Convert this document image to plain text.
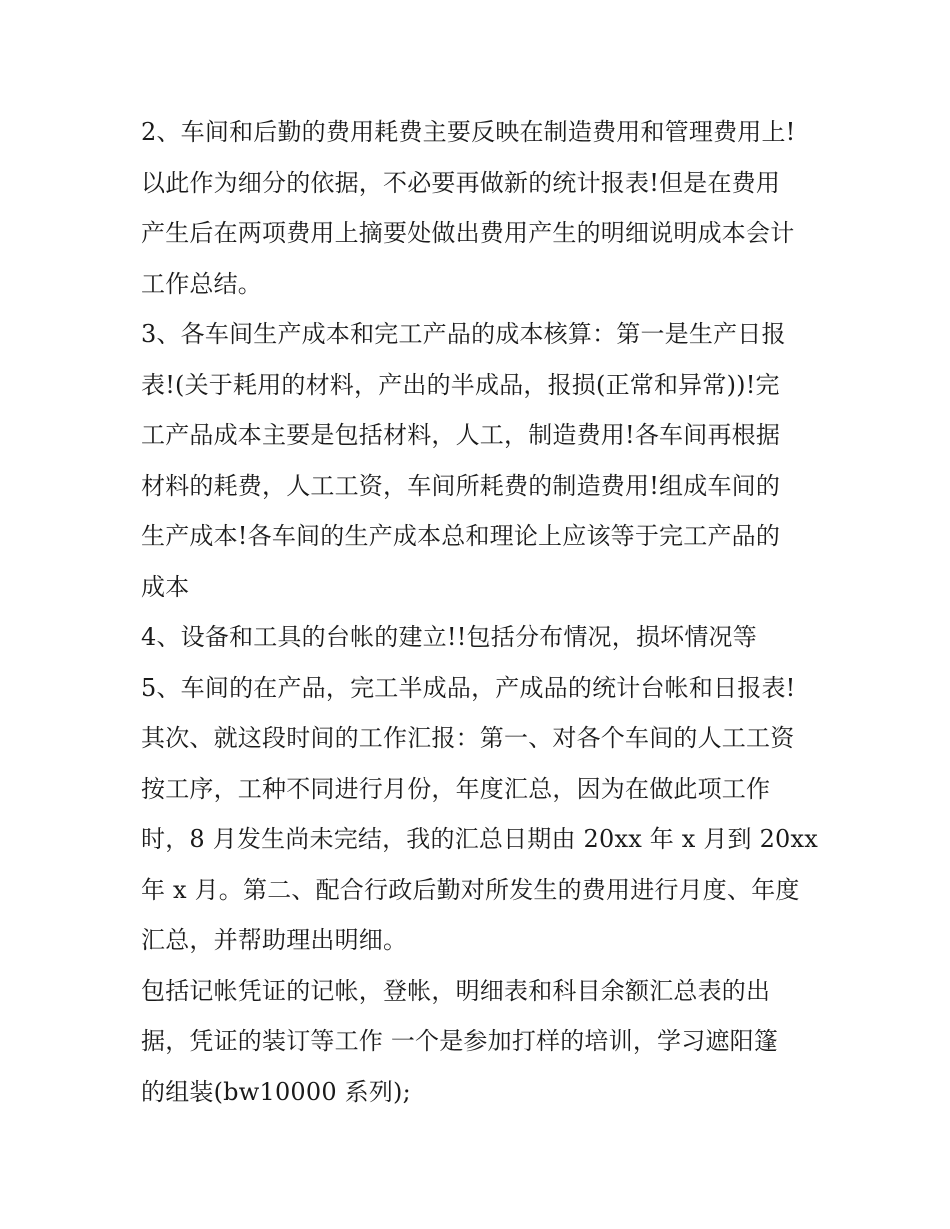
2、车间和后勤的费用耗费主要反映在制造费用和管理费用上!
以此作为细分的依据，不必要再做新的统计报表!但是在费用
产生后在两项费用上摘要处做出费用产生的明细说明成本会计
工作总结。
3、各车间生产成本和完工产品的成本核算：第一是生产日报
表!(关于耗用的材料，产出的半成品，报损(正常和异常))!完
工产品成本主要是包括材料，人工，制造费用!各车间再根据
材料的耗费，人工工资，车间所耗费的制造费用!组成车间的
生产成本!各车间的生产成本总和理论上应该等于完工产品的
成本
4、设备和工具的台帐的建立!!包括分布情况，损坏情况等
5、车间的在产品，完工半成品，产成品的统计台帐和日报表!
其次、就这段时间的工作汇报：第一、对各个车间的人工工资
按工序，工种不同进行月份，年度汇总，因为在做此项工作
时，8 月发生尚未完结，我的汇总日期由 20xx 年 x 月到 20xx
年 x 月。第二、配合行政后勤对所发生的费用进行月度、年度
汇总，并帮助理出明细。
包括记帐凭证的记帐，登帐，明细表和科目余额汇总表的出
据，凭证的装订等工作 一个是参加打样的培训，学习遮阳篷
的组装(bw10000 系列);
